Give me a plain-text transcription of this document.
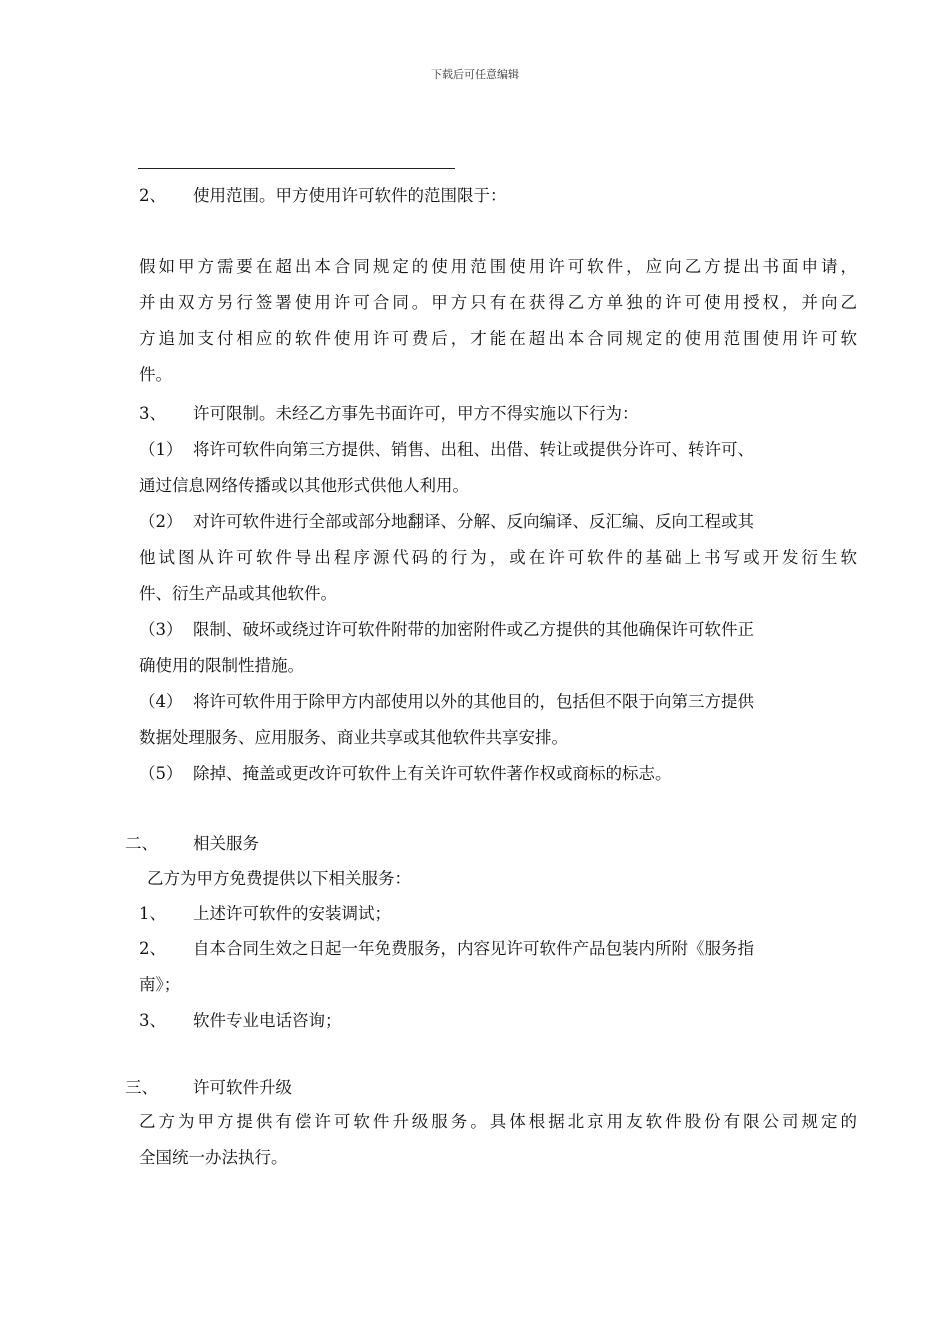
下载后可任意编辑
2、 使用范围。甲方使用许可软件的范围限于：
假如甲方需要在超出本合同规定的使用范围使用许可软件，应向乙方提出书面申请，
并由双方另行签署使用许可合同。甲方只有在获得乙方单独的许可使用授权，并向乙
方追加支付相应的软件使用许可费后，才能在超出本合同规定的使用范围使用许可软
件。
3、 许可限制。未经乙方事先书面许可，甲方不得实施以下行为：
（1） 将许可软件向第三方提供、销售、出租、出借、转让或提供分许可、转许可、
通过信息网络传播或以其他形式供他人利用。
（2） 对许可软件进行全部或部分地翻译、分解、反向编译、反汇编、反向工程或其
他试图从许可软件导出程序源代码的行为，或在许可软件的基础上书写或开发衍生软
件、衍生产品或其他软件。
（3） 限制、破坏或绕过许可软件附带的加密附件或乙方提供的其他确保许可软件正
确使用的限制性措施。
（4） 将许可软件用于除甲方内部使用以外的其他目的，包括但不限于向第三方提供
数据处理服务、应用服务、商业共享或其他软件共享安排。
（5） 除掉、掩盖或更改许可软件上有关许可软件著作权或商标的标志。
二、 相关服务
乙方为甲方免费提供以下相关服务：
1、 上述许可软件的安装调试；
2、 自本合同生效之日起一年免费服务，内容见许可软件产品包装内所附《服务指
南》；
3、 软件专业电话咨询；
三、 许可软件升级
乙方为甲方提供有偿许可软件升级服务。具体根据北京用友软件股份有限公司规定的
全国统一办法执行。
